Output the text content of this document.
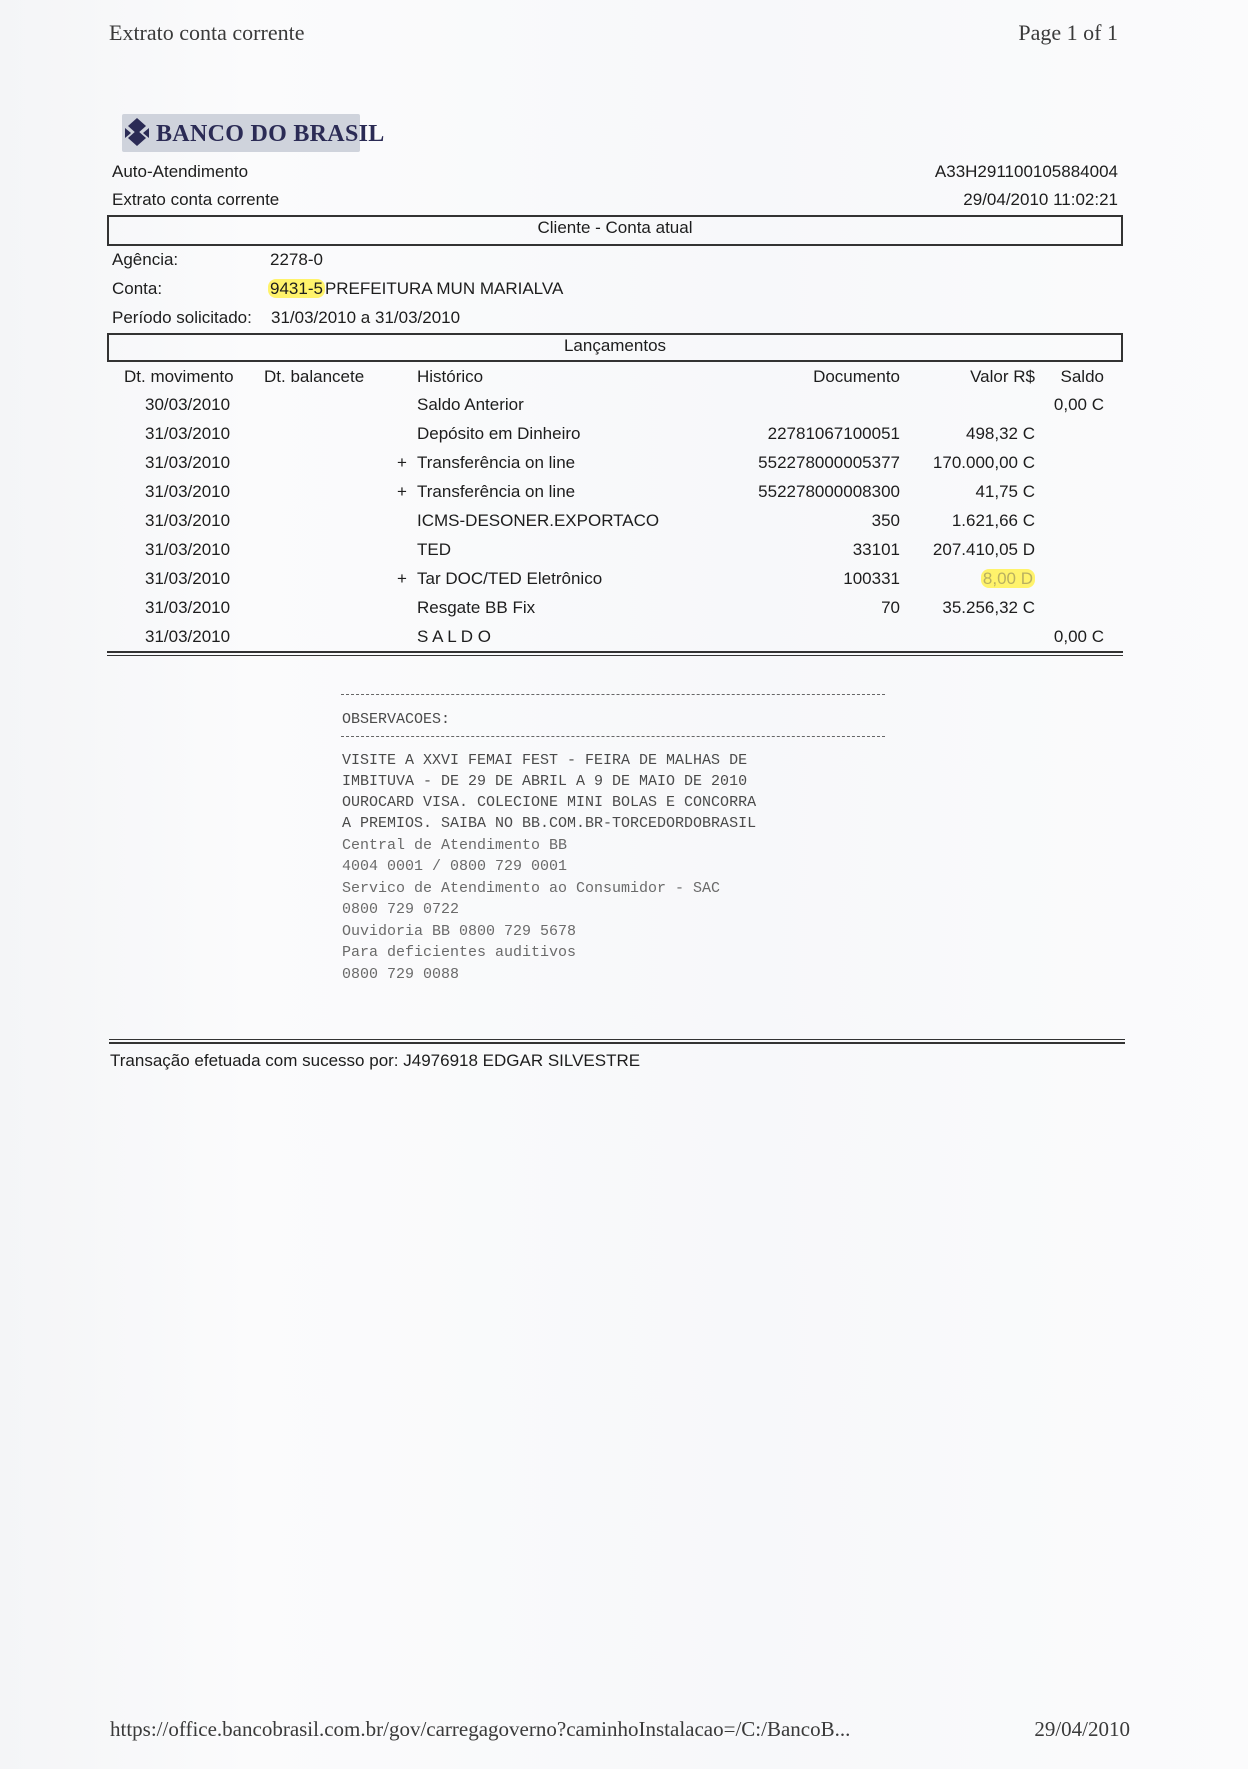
Extrato conta corrente	Page 1 of 1
BANCO DO BRASIL
Auto-Atendimento
Extrato conta corrente
A33H291100105884004
29/04/2010 11:02:21
Cliente - Conta atual
Agência:	2278-0
Conta:	9431-5 PREFEITURA MUN MARIALVA
Período solicitado: 31/03/2010 a 31/03/2010
Lançamentos
Dt. movimento Dt. balancete	Histórico	Documento	Valor R$ Saldo
30/03/2010	Saldo Anterior	0,00 C
31/03/2010	Depósito em Dinheiro	22781067100051	498,32 C
31/03/2010	+ Transferência on line	552278000005377 170.000,00 C
31/03/2010	+ Transferência on line	552278000008300	41,75 C
31/03/2010	ICMS-DESONER.EXPORTACO	350	1.621,66 C
31/03/2010	TED	33101 207.410,05 D
31/03/2010	+ Tar DOC/TED Eletrônico	100331	8,00 D
31/03/2010	Resgate BB Fix	70 35.256,32 C
31/03/2010	S A L D O	0,00 C
OBSERVACOES:
VISITE A XXVI FEMAI FEST - FEIRA DE MALHAS DE
IMBITUVA - DE 29 DE ABRIL A 9 DE MAIO DE 2010
OUROCARD VISA. COLECIONE MINI BOLAS E CONCORRA
A PREMIOS. SAIBA NO BB.COM.BR-TORCEDORDOBRASIL
Central de Atendimento BB
4004 0001 / 0800 729 0001
Servico de Atendimento ao Consumidor - SAC
0800 729 0722
Ouvidoria BB 0800 729 5678
Para deficientes auditivos
0800 729 0088
Transação efetuada com sucesso por: J4976918 EDGAR SILVESTRE
https://office.bancobrasil.com.br/gov/carregagoverno?caminhoInstalacao=/C:/BancoB...	29/04/2010
